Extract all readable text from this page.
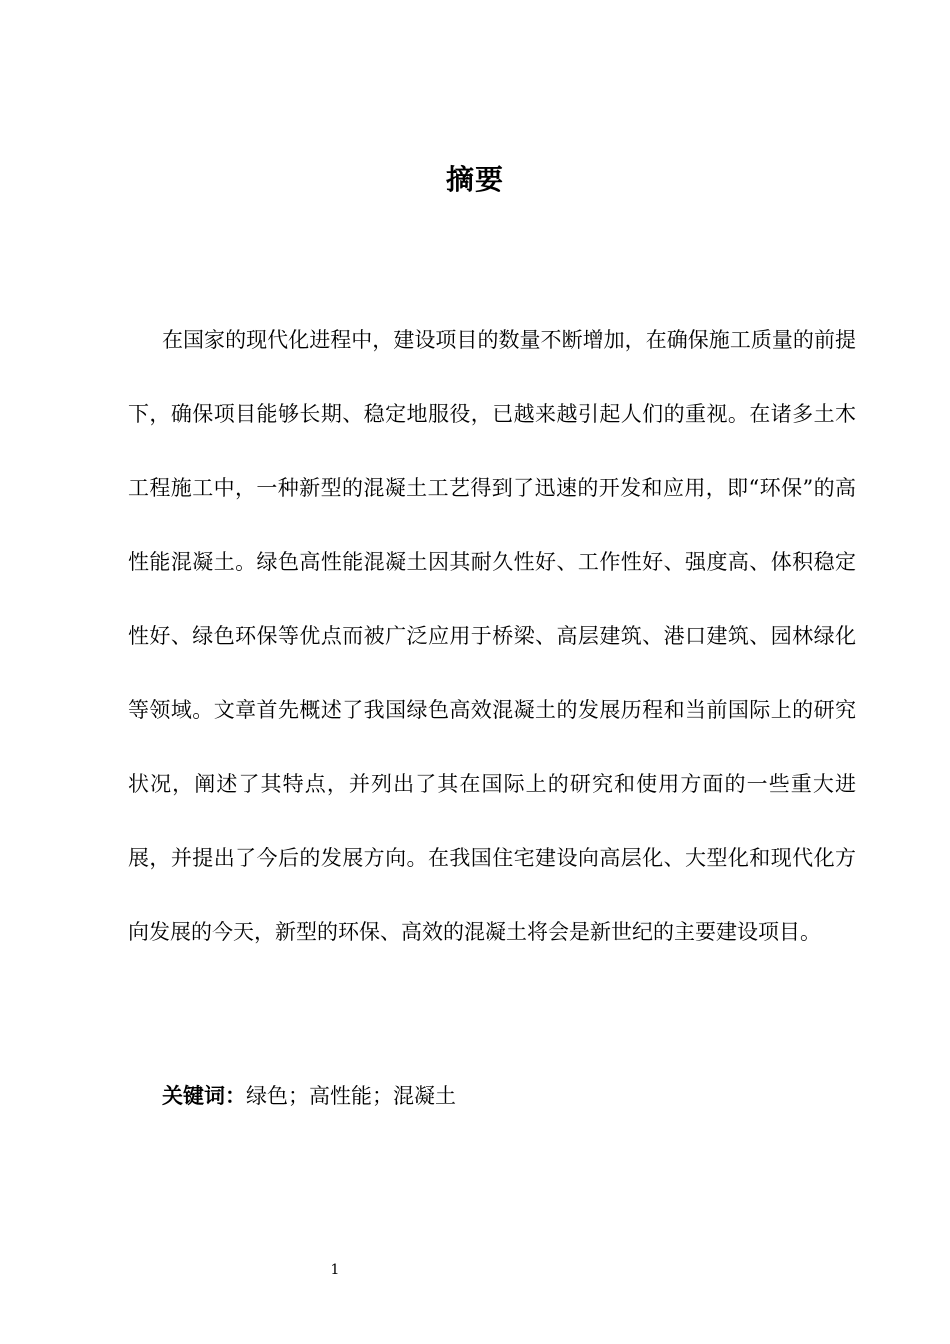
摘要

在国家的现代化进程中，建设项目的数量不断增加，在确保施工质量的前提下，确保项目能够长期、稳定地服役，已越来越引起人们的重视。在诸多土木工程施工中，一种新型的混凝土工艺得到了迅速的开发和应用，即“环保”的高性能混凝土。绿色高性能混凝土因其耐久性好、工作性好、强度高、体积稳定性好、绿色环保等优点而被广泛应用于桥梁、高层建筑、港口建筑、园林绿化等领域。文章首先概述了我国绿色高效混凝土的发展历程和当前国际上的研究状况，阐述了其特点，并列出了其在国际上的研究和使用方面的一些重大进展，并提出了今后的发展方向。在我国住宅建设向高层化、大型化和现代化方向发展的今天，新型的环保、高效的混凝土将会是新世纪的主要建设项目。

关键词：绿色；高性能；混凝土

1
